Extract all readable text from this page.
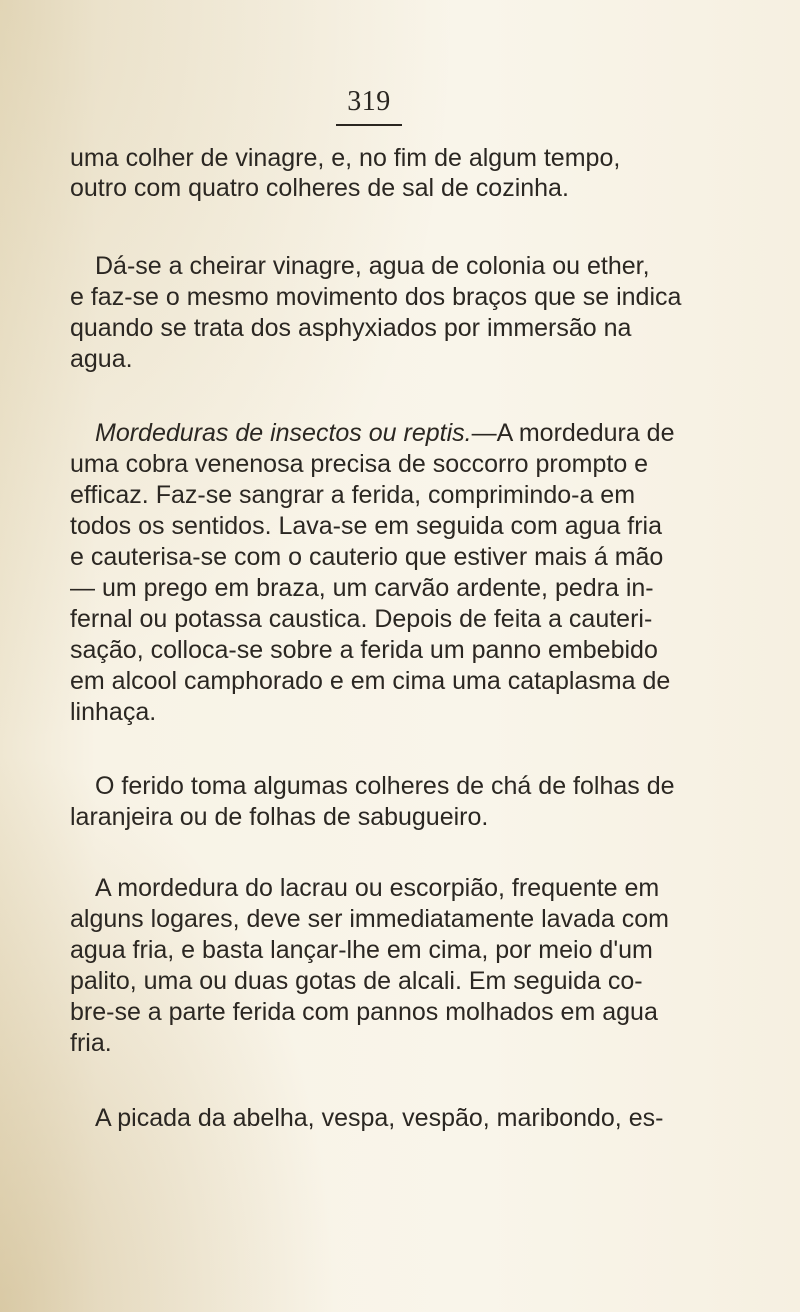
319
uma colher de vinagre, e, no fim de algum tempo,
outro com quatro colheres de sal de cozinha.
Dá-se a cheirar vinagre, agua de colonia ou ether,
e faz-se o mesmo movimento dos braços que se indica
quando se trata dos asphyxiados por immersão na
agua.
Mordeduras de insectos ou reptis.—A mordedura de
uma cobra venenosa precisa de soccorro prompto e
efficaz. Faz-se sangrar a ferida, comprimindo-a em
todos os sentidos. Lava-se em seguida com agua fria
e cauterisa-se com o cauterio que estiver mais á mão
— um prego em braza, um carvão ardente, pedra in-
fernal ou potassa caustica. Depois de feita a cauteri-
sação, colloca-se sobre a ferida um panno embebido
em alcool camphorado e em cima uma cataplasma de
linhaça.
O ferido toma algumas colheres de chá de folhas de
laranjeira ou de folhas de sabugueiro.
A mordedura do lacrau ou escorpião, frequente em
alguns logares, deve ser immediatamente lavada com
agua fria, e basta lançar-lhe em cima, por meio d'um
palito, uma ou duas gotas de alcali. Em seguida co-
bre-se a parte ferida com pannos molhados em agua
fria.
A picada da abelha, vespa, vespão, maribondo, es-
